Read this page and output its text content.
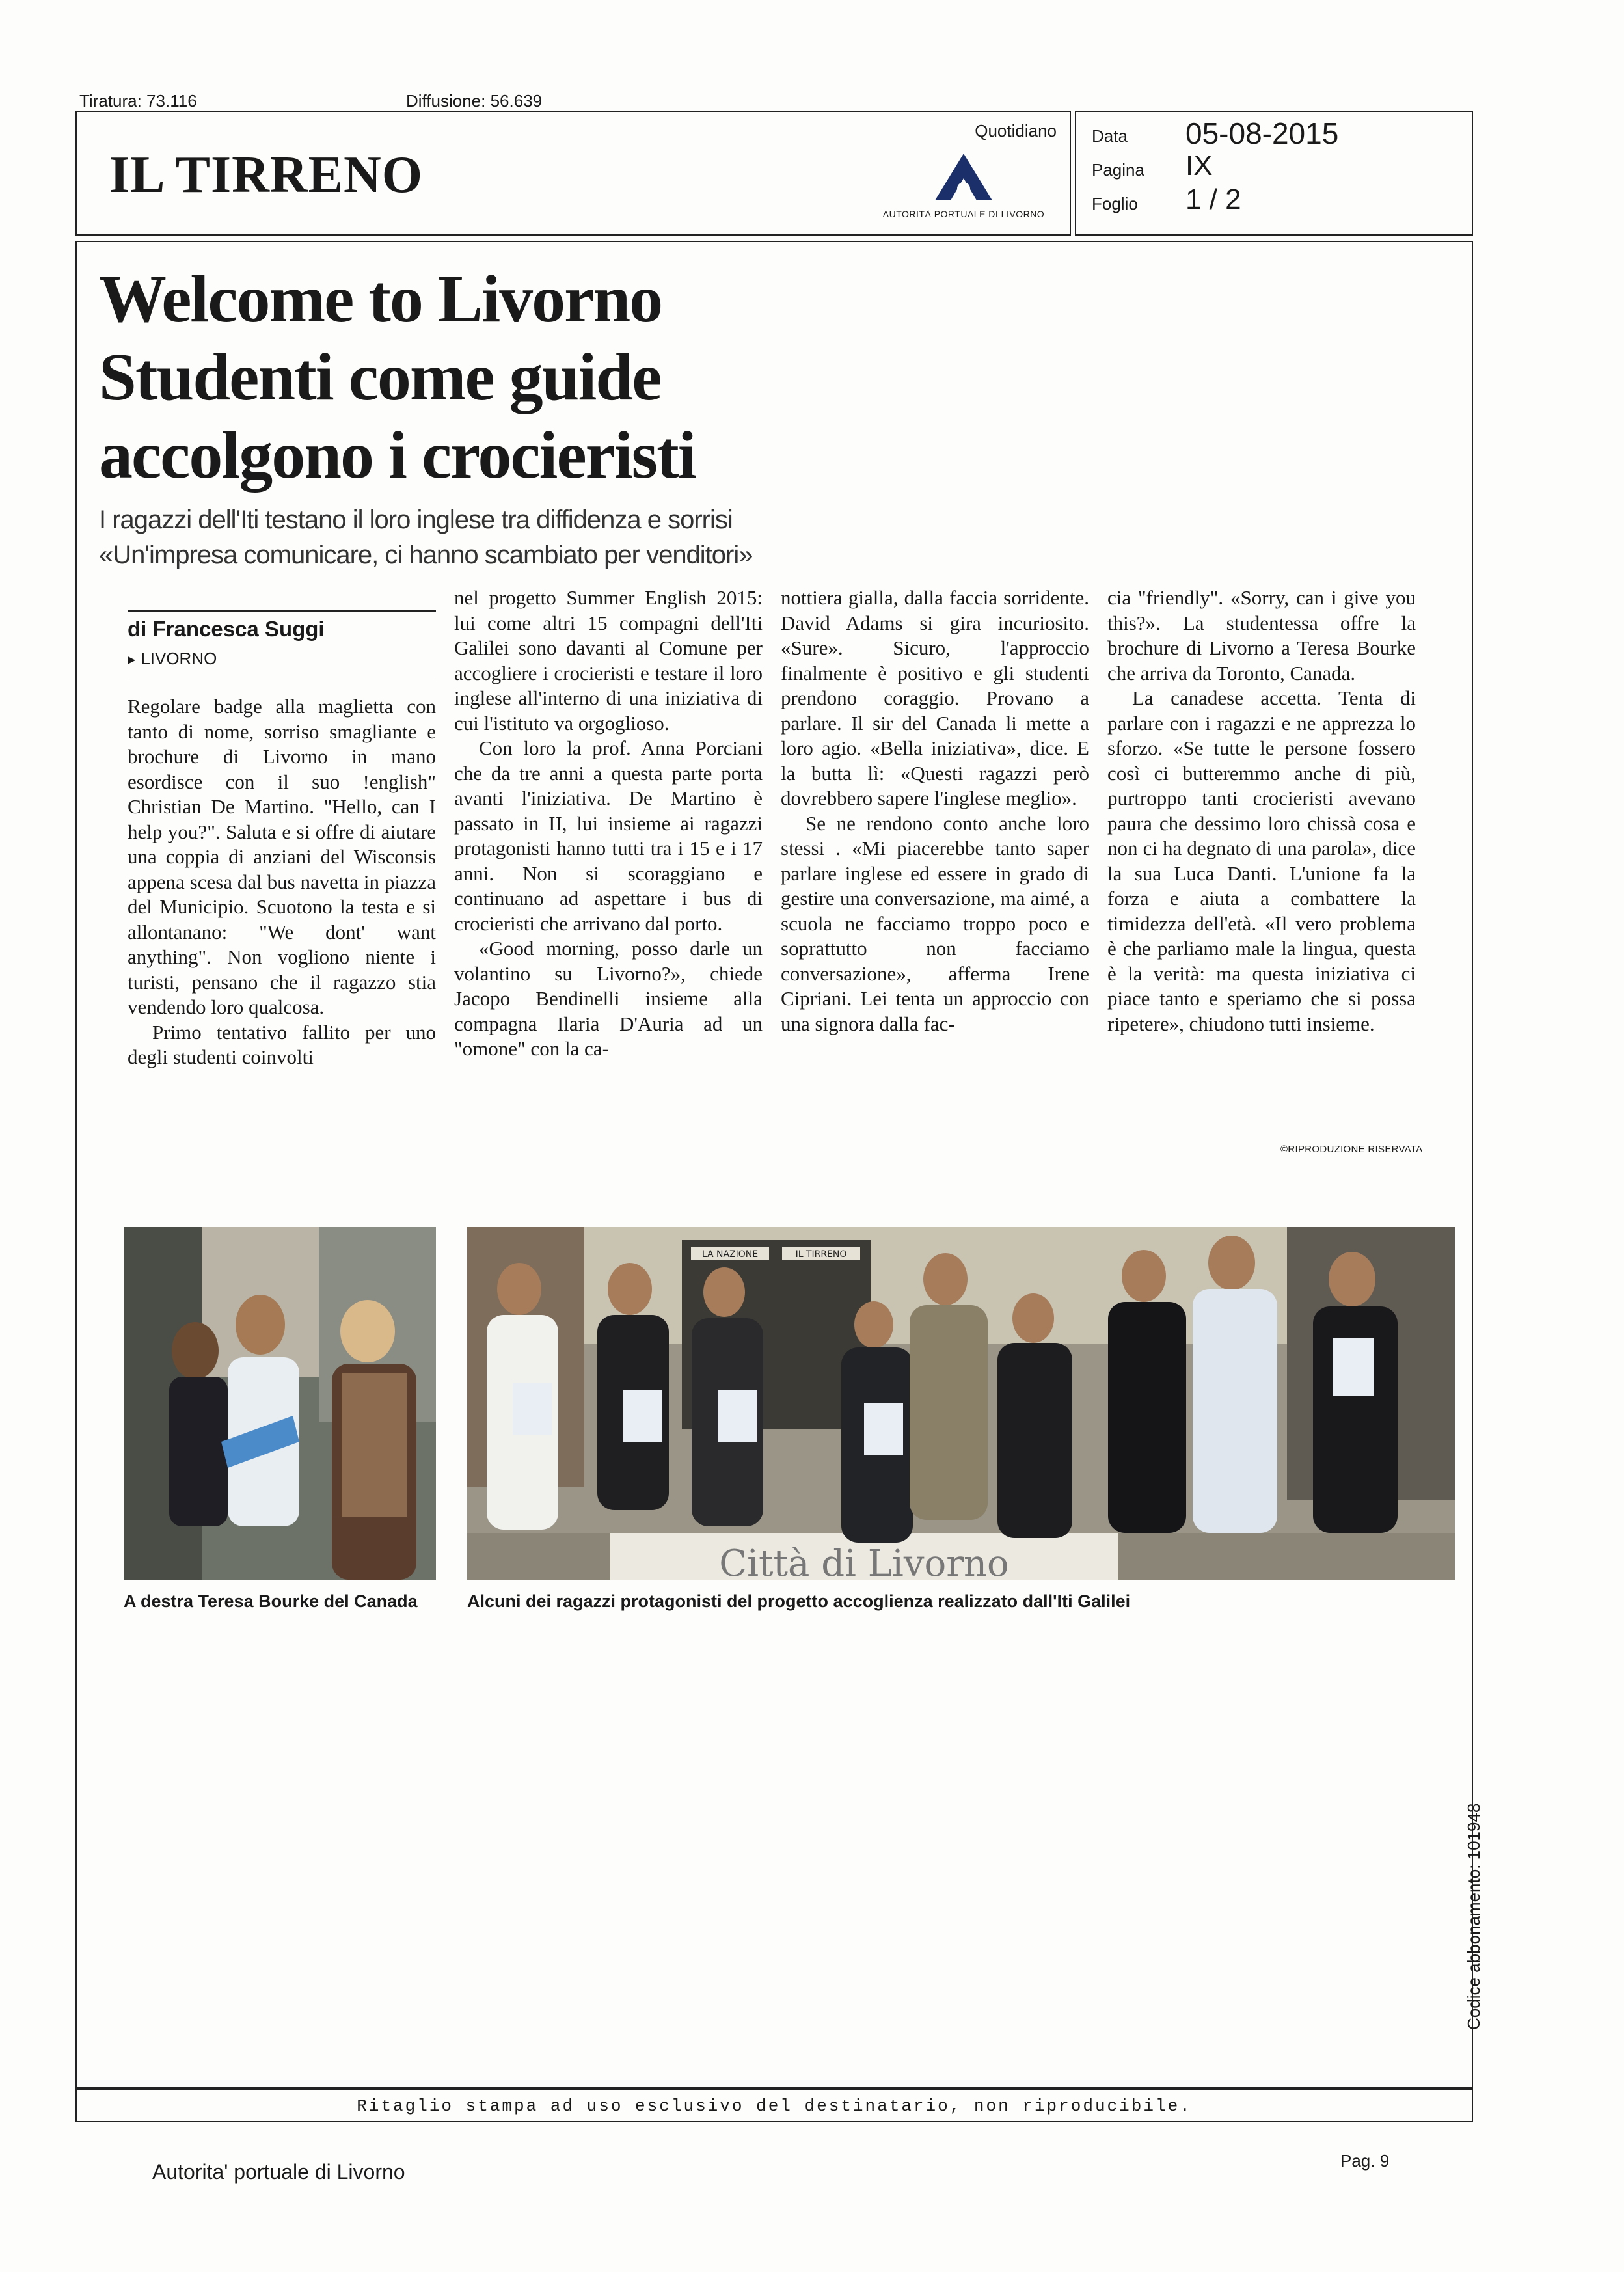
Tiratura: 73.116	Diffusione: 56.639
IL TIRRENO
Quotidiano
AUTORITÀ PORTUALE DI LIVORNO
Data 05-08-2015
Pagina IX
Foglio 1 / 2
Welcome to Livorno
Studenti come guide
accolgono i crocieristi
I ragazzi dell'Iti testano il loro inglese tra diffidenza e sorrisi
«Un'impresa comunicare, ci hanno scambiato per venditori»
di Francesca Suggi
▶ LIVORNO

Regolare badge alla maglietta con tanto di nome, sorriso smagliante e brochure di Livorno in mano esordisce con il suo !english" Christian De Martino. "Hello, can I help you?". Saluta e si offre di aiutare una coppia di anziani del Wisconsis appena scesa dal bus navetta in piazza del Municipio. Scuotono la testa e si allontanano: "We dont' want anything". Non vogliono niente i turisti, pensano che il ragazzo stia vendendo loro qualcosa.

Primo tentativo fallito per uno degli studenti coinvolti

nel progetto Summer English 2015: lui come altri 15 compagni dell'Iti Galilei sono davanti al Comune per accogliere i crocieristi e testare il loro inglese all'interno di una iniziativa di cui l'istituto va orgoglioso.

Con loro la prof. Anna Porciani che da tre anni a questa parte porta avanti l'iniziativa. De Martino è passato in II, lui insieme ai ragazzi protagonisti hanno tutti tra i 15 e i 17 anni. Non si scoraggiano e continuano ad aspettare i bus di crocieristi che arrivano dal porto.

«Good morning, posso darle un volantino su Livorno?», chiede Jacopo Bendinelli insieme alla compagna Ilaria D'Auria ad un "omone" con la ca-

nottiera gialla, dalla faccia sorridente. David Adams si gira incuriosito. «Sure». Sicuro, l'approccio finalmente è positivo e gli studenti prendono coraggio. Provano a parlare. Il sir del Canada li mette a loro agio. «Bella iniziativa», dice. E la butta lì: «Questi ragazzi però dovrebbero sapere l'inglese meglio».

Se ne rendono conto anche loro stessi . «Mi piacerebbe tanto saper parlare inglese ed essere in grado di gestire una conversazione, ma aimé, a scuola ne facciamo troppo poco e soprattutto non facciamo conversazione», afferma Irene Cipriani. Lei tenta un approccio con una signora dalla fac-

cia "friendly". «Sorry, can i give you this?». La studentessa offre la brochure di Livorno a Teresa Bourke che arriva da Toronto, Canada.

La canadese accetta. Tenta di parlare con i ragazzi e ne apprezza lo sforzo. «Se tutte le persone fossero così ci butteremmo anche di più, purtroppo tanti crocieristi avevano paura che dessimo loro chissà cosa e non ci ha degnato di una parola», dice la sua Luca Danti. L'unione fa la forza e aiuta a combattere la timidezza dell'età. «Il vero problema è che parliamo male la lingua, questa è la verità: ma questa iniziativa ci piace tanto e speriamo che si possa ripetere», chiudono tutti insieme.

©RIPRODUZIONE RISERVATA
LA NAZIONE	IL TIRRENO
Città di Livorno
A destra Teresa Bourke del Canada	Alcuni dei ragazzi protagonisti del progetto accoglienza realizzato dall'Iti Galilei
Codice abbonamento: 101948
Ritaglio stampa ad uso esclusivo del destinatario, non riproducibile.
Autorita' portuale di Livorno	Pag. 9
